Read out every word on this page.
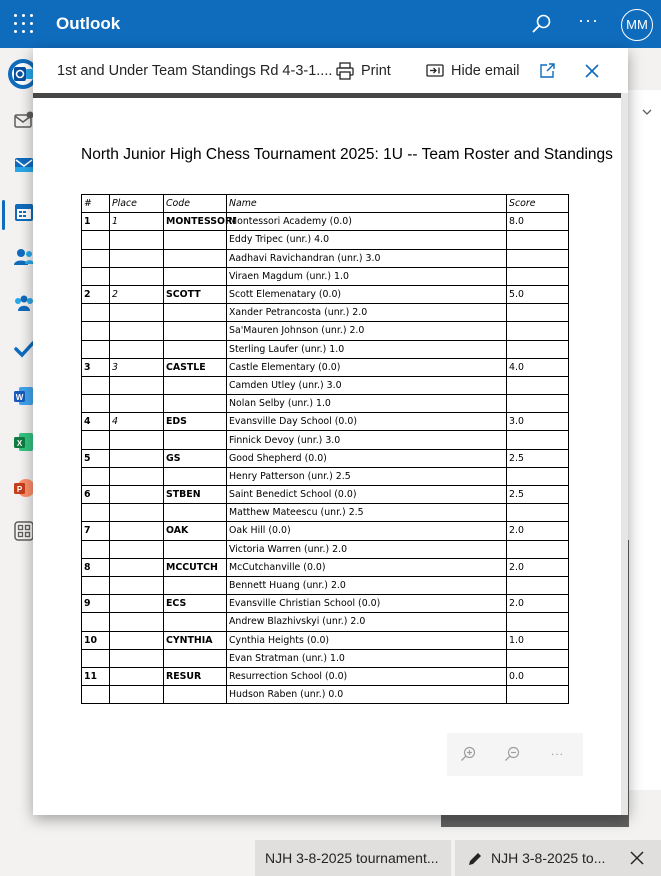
Outlook	···	MM
W
X
P
NJH 3-8-2025 tournament...	NJH 3-8-2025 to...
1st and Under Team Standings Rd 4-3-1.... Print	Hide email
North Junior High Chess Tournament 2025: 1U -- Team Roster and Standings
#	Place	Code	Name	Score
1	1	MONTESSORI	Montessori Academy (0.0)	8.0
			Eddy Tripec (unr.) 4.0	
			Aadhavi Ravichandran (unr.) 3.0	
			Viraen Magdum (unr.) 1.0	
2	2	SCOTT	Scott Elemenatary (0.0)	5.0
			Xander Petrancosta (unr.) 2.0	
			Sa'Mauren Johnson (unr.) 2.0	
			Sterling Laufer (unr.) 1.0	
3	3	CASTLE	Castle Elementary (0.0)	4.0
			Camden Utley (unr.) 3.0	
			Nolan Selby (unr.) 1.0	
4	4	EDS	Evansville Day School (0.0)	3.0
			Finnick Devoy (unr.) 3.0	
5		GS	Good Shepherd (0.0)	2.5
			Henry Patterson (unr.) 2.5	
6		STBEN	Saint Benedict School (0.0)	2.5
			Matthew Mateescu (unr.) 2.5	
7		OAK	Oak Hill (0.0)	2.0
			Victoria Warren (unr.) 2.0	
8		MCCUTCH	McCutchanville (0.0)	2.0
			Bennett Huang (unr.) 2.0	
9		ECS	Evansville Christian School (0.0)	2.0
			Andrew Blazhivskyi (unr.) 2.0	
10		CYNTHIA	Cynthia Heights (0.0)	1.0
			Evan Stratman (unr.) 1.0	
11		RESUR	Resurrection School (0.0)	0.0
			Hudson Raben (unr.) 0.0	
...
